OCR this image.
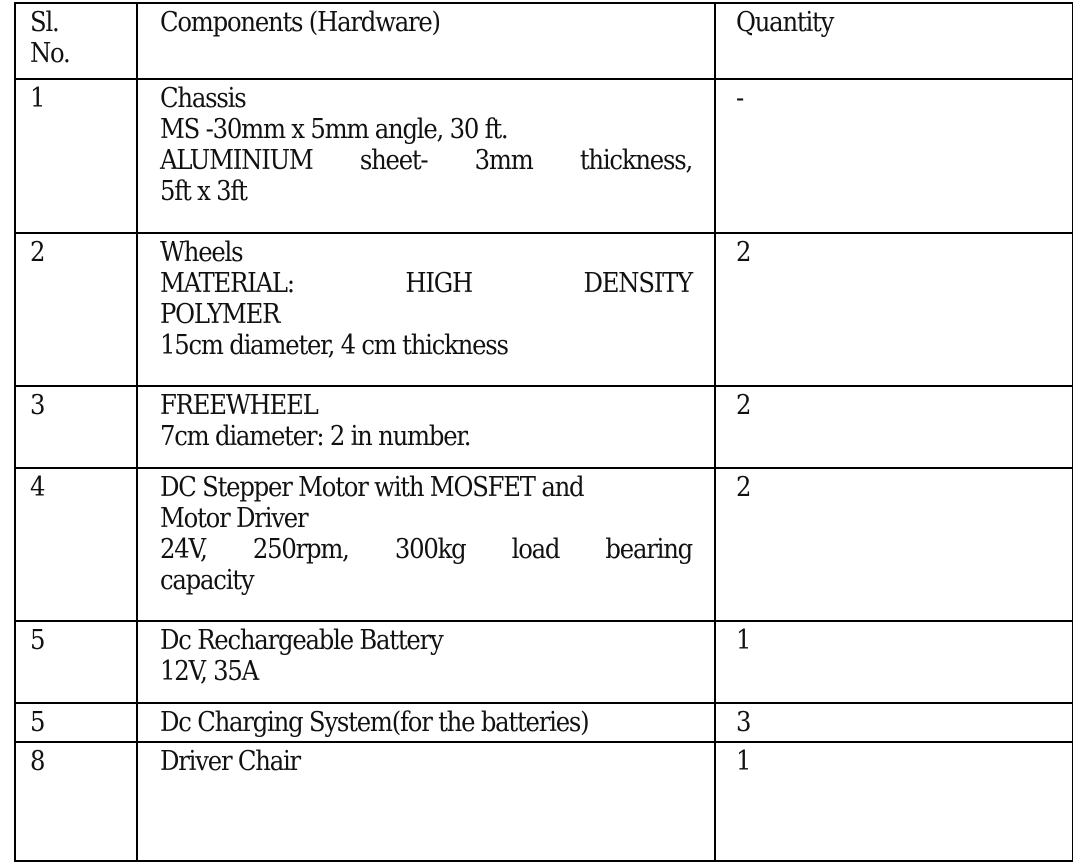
Sl.
No.	Components (Hardware)	Quantity

1	Chassis
MS -30mm x 5mm angle, 30 ft.
ALUMINIUM sheet- 3mm thickness,
5ft x 3ft	-

2	Wheels
MATERIAL: HIGH DENSITY
POLYMER
15cm diameter, 4 cm thickness	2

3	FREEWHEEL
7cm diameter: 2 in number.	2

4	DC Stepper Motor with MOSFET and
Motor Driver
24V, 250rpm, 300kg load bearing
capacity	2

5	Dc Rechargeable Battery
12V, 35A	1

5	Dc Charging System(for the batteries)	3

8	Driver Chair	1
